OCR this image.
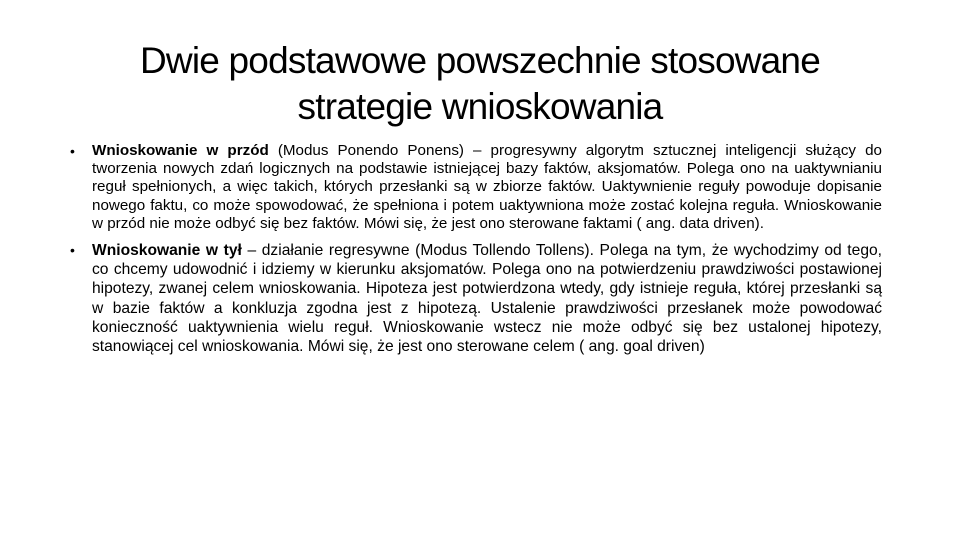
Dwie podstawowe powszechnie stosowane
strategie wnioskowania
• Wnioskowanie w przód (Modus Ponendo Ponens) – progresywny algorytm sztucznej inteligencji służący do tworzenia nowych zdań logicznych na podstawie istniejącej bazy faktów, aksjomatów. Polega ono na uaktywnianiu reguł spełnionych, a więc takich, których przesłanki są w zbiorze faktów. Uaktywnienie reguły powoduje dopisanie nowego faktu, co może spowodować, że spełniona i potem uaktywniona może zostać kolejna reguła. Wnioskowanie w przód nie może odbyć się bez faktów. Mówi się, że jest ono sterowane faktami ( ang. data driven).
• Wnioskowanie w tył – działanie regresywne (Modus Tollendo Tollens). Polega na tym, że wychodzimy od tego, co chcemy udowodnić i idziemy w kierunku aksjomatów. Polega ono na potwierdzeniu prawdziwości postawionej hipotezy, zwanej celem wnioskowania. Hipoteza jest potwierdzona wtedy, gdy istnieje reguła, której przesłanki są w bazie faktów a konkluzja zgodna jest z hipotezą. Ustalenie prawdziwości przesłanek może powodować konieczność uaktywnienia wielu reguł. Wnioskowanie wstecz nie może odbyć się bez ustalonej hipotezy, stanowiącej cel wnioskowania. Mówi się, że jest ono sterowane celem ( ang. goal driven)
